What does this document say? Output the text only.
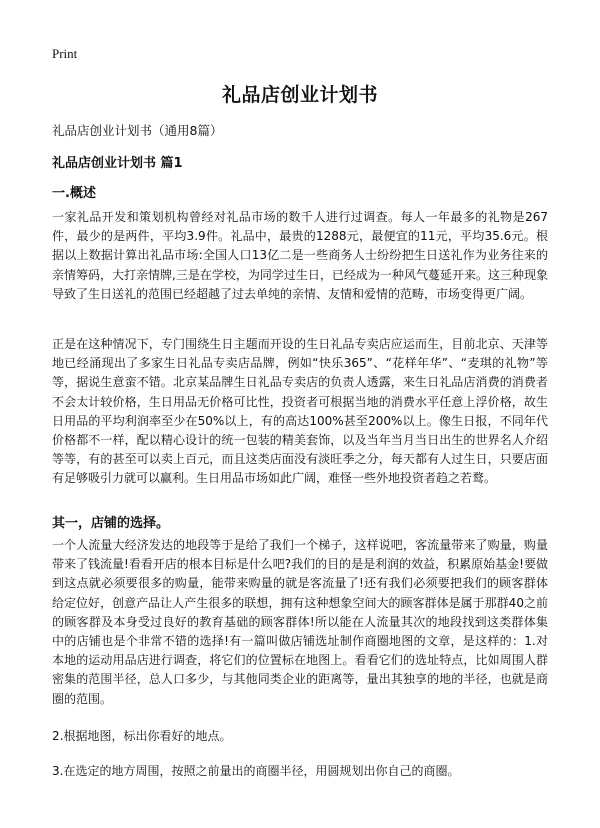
Print
礼品店创业计划书
礼品店创业计划书（通用8篇）
礼品店创业计划书 篇1
一.概述

一家礼品开发和策划机构曾经对礼品市场的数千人进行过调查。每人一年最多的礼物是267件，最少的是两件，平均3.9件。礼品中，最贵的1288元，最便宜的11元，平均35.6元。根据以上数据计算出礼品市场:全国人口13亿二是一些商务人士纷纷把生日送礼作为业务往来的亲情筹码，大打亲情牌,三是在学校，为同学过生日，已经成为一种风气蔓延开来。这三种现象导致了生日送礼的范围已经超越了过去单纯的亲情、友情和爱情的范畴，市场变得更广阔。

正是在这种情况下，专门围绕生日主题而开设的生日礼品专卖店应运而生，目前北京、天津等地已经涌现出了多家生日礼品专卖店品牌，例如“快乐365”、“花样年华”、“麦琪的礼物”等等，据说生意蛮不错。北京某品牌生日礼品专卖店的负责人透露，来生日礼品店消费的消费者不会太计较价格，生日用品无价格可比性，投资者可根据当地的消费水平任意上浮价格，故生日用品的平均利润率至少在50%以上，有的高达100%甚至200%以上。像生日报，不同年代价格都不一样，配以精心设计的统一包装的精美套饰，以及当年当月当日出生的世界名人介绍等等，有的甚至可以卖上百元，而且这类店面没有淡旺季之分，每天都有人过生日，只要店面有足够吸引力就可以赢利。生日用品市场如此广阔，难怪一些外地投资者趋之若鹜。

其一，店铺的选择。

一个人流量大经济发达的地段等于是给了我们一个梯子，这样说吧，客流量带来了购量，购量带来了钱流量!看看开店的根本目标是什么吧?我们的目的是是利润的效益，积累原始基金!要做到这点就必须要很多的购量，能带来购量的就是客流量了!还有我们必须要把我们的顾客群体给定位好，创意产品让人产生很多的联想，拥有这种想象空间大的顾客群体是属于那群40之前的顾客群及本身受过良好的教育基础的顾客群体!所以能在人流量其次的地段找到这类群体集中的店铺也是个非常不错的选择!有一篇叫做店铺选址制作商圈地图的文章，是这样的：1.对本地的运动用品店进行调查，将它们的位置标在地图上。看看它们的选址特点，比如周围人群密集的范围半径，总人口多少，与其他同类企业的距离等，量出其独享的地的半径，也就是商圈的范围。

2.根据地图，标出你看好的地点。

3.在选定的地方周围，按照之前量出的商圈半径，用圆规划出你自己的商圈。
